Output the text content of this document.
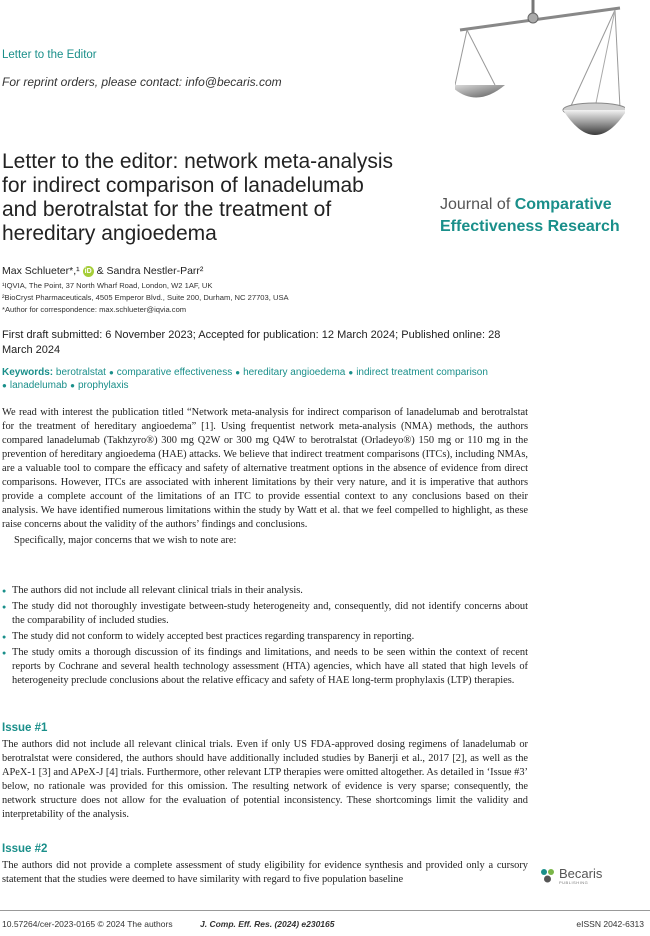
Letter to the Editor
For reprint orders, please contact: info@becaris.com
Letter to the editor: network meta-analysis
for indirect comparison of lanadelumab
and berotralstat for the treatment of
hereditary angioedema
Journal of Comparative
Effectiveness Research
Max Schlueter*,¹ iD & Sandra Nestler-Parr²
¹IQVIA, The Point, 37 North Wharf Road, London, W2 1AF, UK
²BioCryst Pharmaceuticals, 4505 Emperor Blvd., Suite 200, Durham, NC 27703, USA
*Author for correspondence: max.schlueter@iqvia.com
First draft submitted: 6 November 2023; Accepted for publication: 12 March 2024; Published online: 28 March 2024
Keywords: berotralstat ● comparative effectiveness ● hereditary angioedema ● indirect treatment comparison
● lanadelumab ● prophylaxis

We read with interest the publication titled “Network meta-analysis for indirect comparison of lanadelumab and berotralstat for the treatment of hereditary angioedema” [1]. Using frequentist network meta-analysis (NMA) methods, the authors compared lanadelumab (Takhzyro®) 300 mg Q2W or 300 mg Q4W to berotralstat (Orladeyo®) 150 mg or 110 mg in the prevention of hereditary angioedema (HAE) attacks. We believe that indirect treatment comparisons (ITCs), including NMAs, are a valuable tool to compare the efficacy and safety of alternative treatment options in the absence of evidence from direct comparisons. However, ITCs are associated with inherent limitations by their very nature, and it is imperative that authors provide a complete account of the limitations of an ITC to provide essential context to any conclusions based on their analysis. We have identified numerous limitations within the study by Watt et al. that we feel compelled to highlight, as these raise concerns about the validity of the authors’ findings and conclusions.

Specifically, major concerns that we wish to note are:

● The authors did not include all relevant clinical trials in their analysis.
● The study did not thoroughly investigate between-study heterogeneity and, consequently, did not identify concerns about the comparability of included studies.
● The study did not conform to widely accepted best practices regarding transparency in reporting.
● The study omits a thorough discussion of its findings and limitations, and needs to be seen within the context of recent reports by Cochrane and several health technology assessment (HTA) agencies, which have all stated that high levels of heterogeneity preclude conclusions about the relative efficacy and safety of HAE long-term prophylaxis (LTP) therapies.
Issue #1
The authors did not include all relevant clinical trials. Even if only US FDA-approved dosing regimens of lanadelumab or berotralstat were considered, the authors should have additionally included studies by Banerji et al., 2017 [2], as well as the APeX-1 [3] and APeX-J [4] trials. Furthermore, other relevant LTP therapies were omitted altogether. As detailed in ‘Issue #3’ below, no rationale was provided for this omission. The resulting network of evidence is very sparse; consequently, the network structure does not allow for the evaluation of potential inconsistency. These shortcomings limit the validity and interpretability of the analysis.
Issue #2
The authors did not provide a complete assessment of study eligibility for evidence synthesis and provided only a cursory statement that the studies were deemed to have similarity with regard to five population baseline	Becaris
PUBLISHING
10.57264/cer-2023-0165 © 2024 The authors	J. Comp. Eff. Res. (2024) e230165	eISSN 2042-6313
